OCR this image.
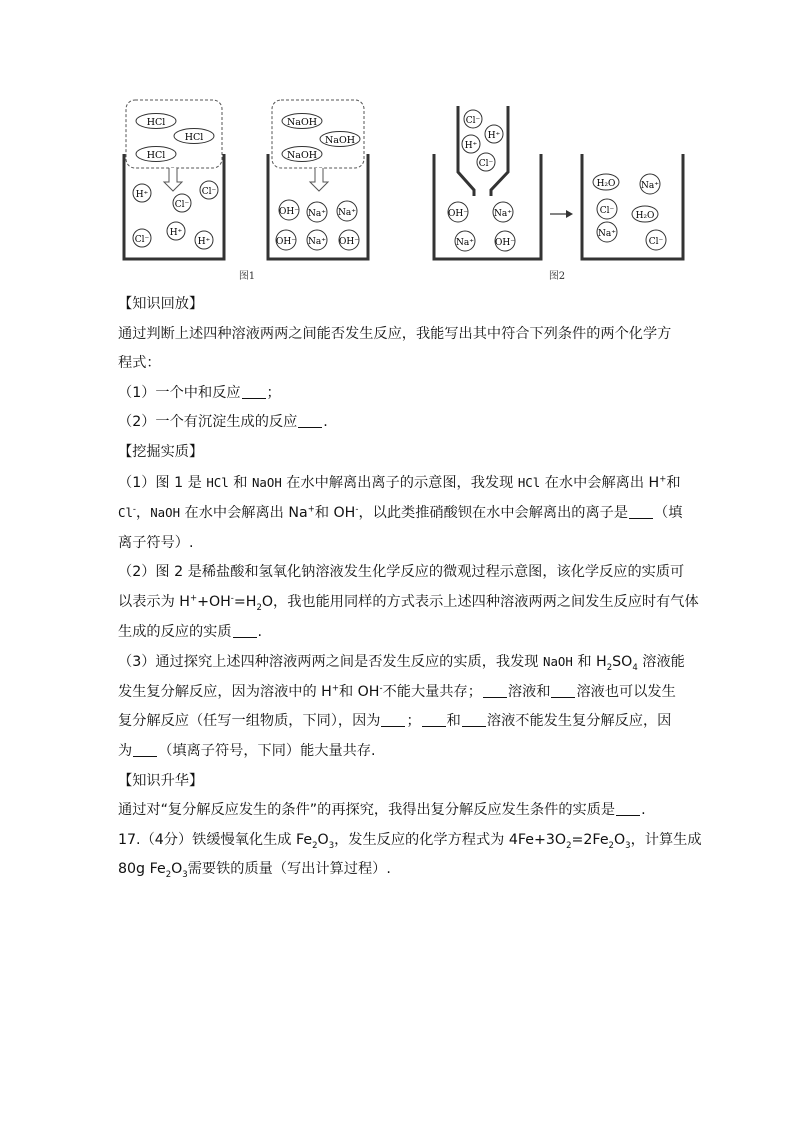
HCl
HCl
HCl
H⁺	Cl⁻
Cl⁻
Cl⁻
H⁺
H⁺
NaOH
NaOH
NaOH
OH⁻ Na⁺ Na⁺
OH⁻ Na⁺ OH⁻
图1
Cl⁻
H⁺
H⁺
Cl⁻
OH⁻	Na⁺
Na⁺ OH⁻
H₂O	Na⁺
Cl⁻ H₂O
Na⁺
Cl⁻
图2

【知识回放】

通过判断上述四种溶液两两之间能否发生反应，我能写出其中符合下列条件的两个化学方

程式：

（1）一个中和反应 ；

（2）一个有沉淀生成的反应 .

【挖掘实质】

（1）图 1 是 HCl 和 NaOH 在水中解离出离子的示意图，我发现 HCl 在水中会解离出 H+和

Cl-，NaOH 在水中会解离出 Na+和 OH-，以此类推硝酸钡在水中会解离出的离子是 （填

离子符号）.

（2）图 2 是稀盐酸和氢氧化钠溶液发生化学反应的微观过程示意图，该化学反应的实质可

以表示为 $H^++OH^-=H_2O$，我也能用同样的方式表示上述四种溶液两两之间发生反应时有气体

生成的反应的实质 .

（3）通过探究上述四种溶液两两之间是否发生反应的实质，我发现 NaOH 和 $H_2SO_4$ 溶液能

发生复分解反应，因为溶液中的 H+和 OH-不能大量共存； 溶液和 溶液也可以发生

复分解反应（任写一组物质，下同），因为 ； 和 溶液不能发生复分解反应，因

为 （填离子符号，下同）能大量共存.

【知识升华】

通过对“复分解反应发生的条件”的再探究，我得出复分解反应发生条件的实质是 .

17.（4分）铁缓慢氧化生成 $Fe_2O_3$，发生反应的化学方程式为 $4Fe+3O_2=2Fe_2O_3$，计算生成

80g $Fe_2O_3$需要铁的质量（写出计算过程）.
